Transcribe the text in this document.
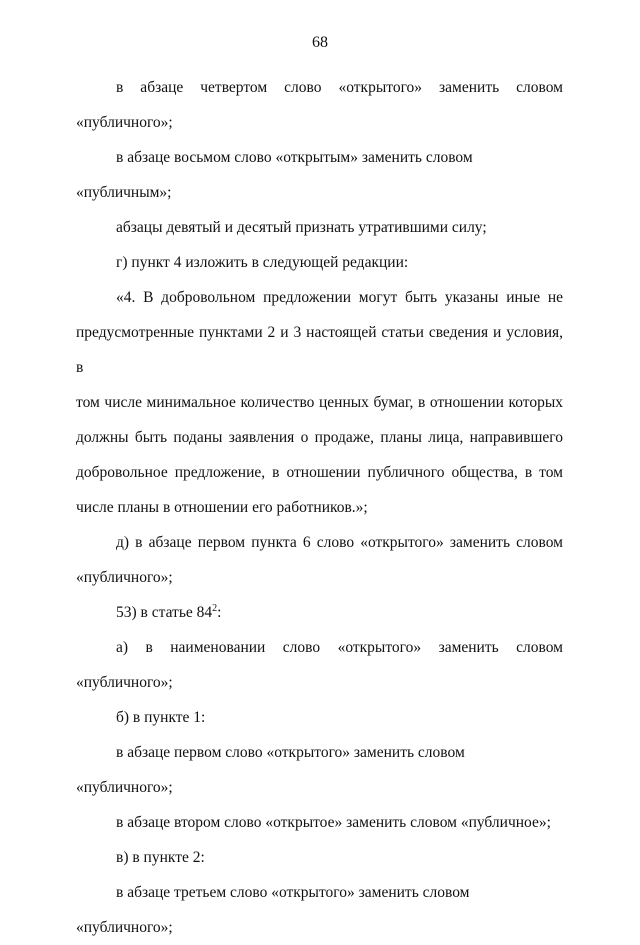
68

в абзаце четвертом слово «открытого» заменить словом
«публичного»;

в абзаце восьмом слово «открытым» заменить словом «публичным»;

абзацы девятый и десятый признать утратившими силу;

г) пункт 4 изложить в следующей редакции:

«4. В добровольном предложении могут быть указаны иные не
предусмотренные пунктами 2 и 3 настоящей статьи сведения и условия, в
том числе минимальное количество ценных бумаг, в отношении которых
должны быть поданы заявления о продаже, планы лица, направившего
добровольное предложение, в отношении публичного общества, в том
числе планы в отношении его работников.»;

д) в абзаце первом пункта 6 слово «открытого» заменить словом
«публичного»;

53) в статье $84^2$:

а) в наименовании слово «открытого» заменить словом
«публичного»;

б) в пункте 1:

в абзаце первом слово «открытого» заменить словом «публичного»;

в абзаце втором слово «открытое» заменить словом «публичное»;

в) в пункте 2:

в абзаце третьем слово «открытого» заменить словом «публичного»;
